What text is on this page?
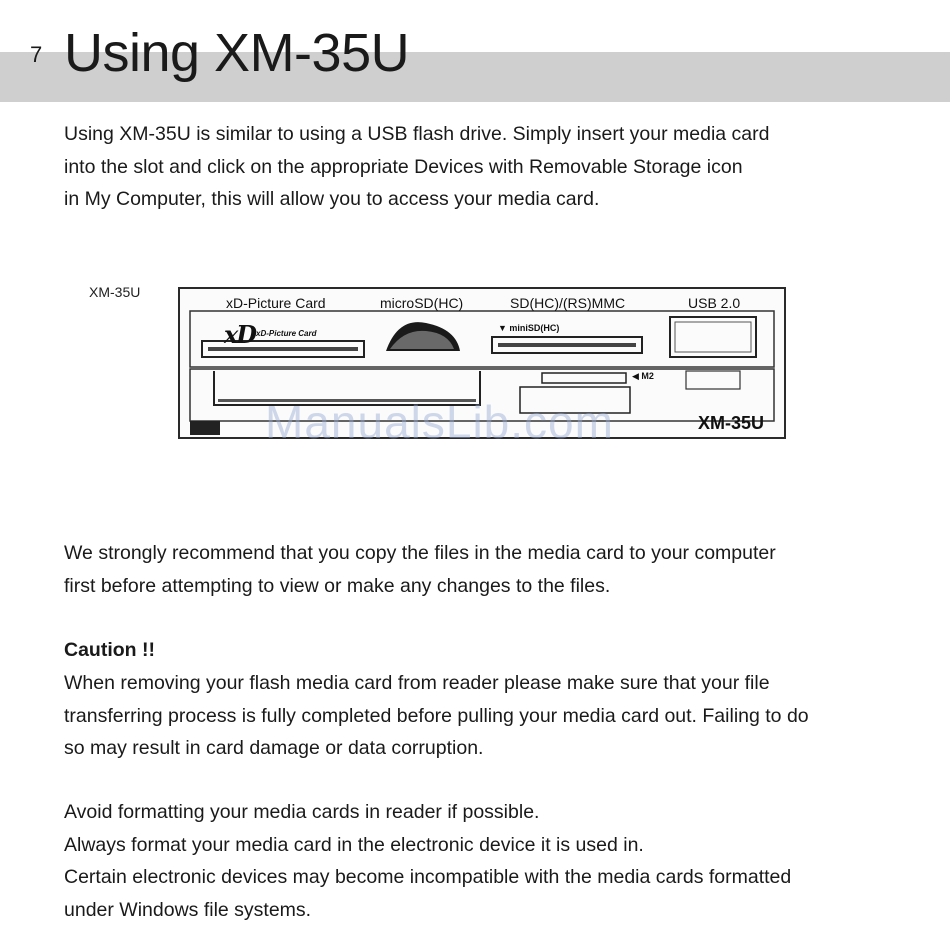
7 Using XM-35U

Using XM-35U is similar to using a USB flash drive. Simply insert your media card
into the slot and click on the appropriate Devices with Removable Storage icon
in My Computer, this will allow you to access your media card.

XM-35U
xD-Picture Card	microSD(HC)	SD(HC)/(RS)MMC	USB 2.0
xD xD-Picture Card
▼ miniSD(HC)
◀ M2
XM-35U
ManualsLib.com

We strongly recommend that you copy the files in the media card to your computer
first before attempting to view or make any changes to the files.

Caution !!

When removing your flash media card from reader please make sure that your file
transferring process is fully completed before pulling your media card out. Failing to do
so may result in card damage or data corruption.

Avoid formatting your media cards in reader if possible.
Always format your media card in the electronic device it is used in.
Certain electronic devices may become incompatible with the media cards formatted
under Windows file systems.
